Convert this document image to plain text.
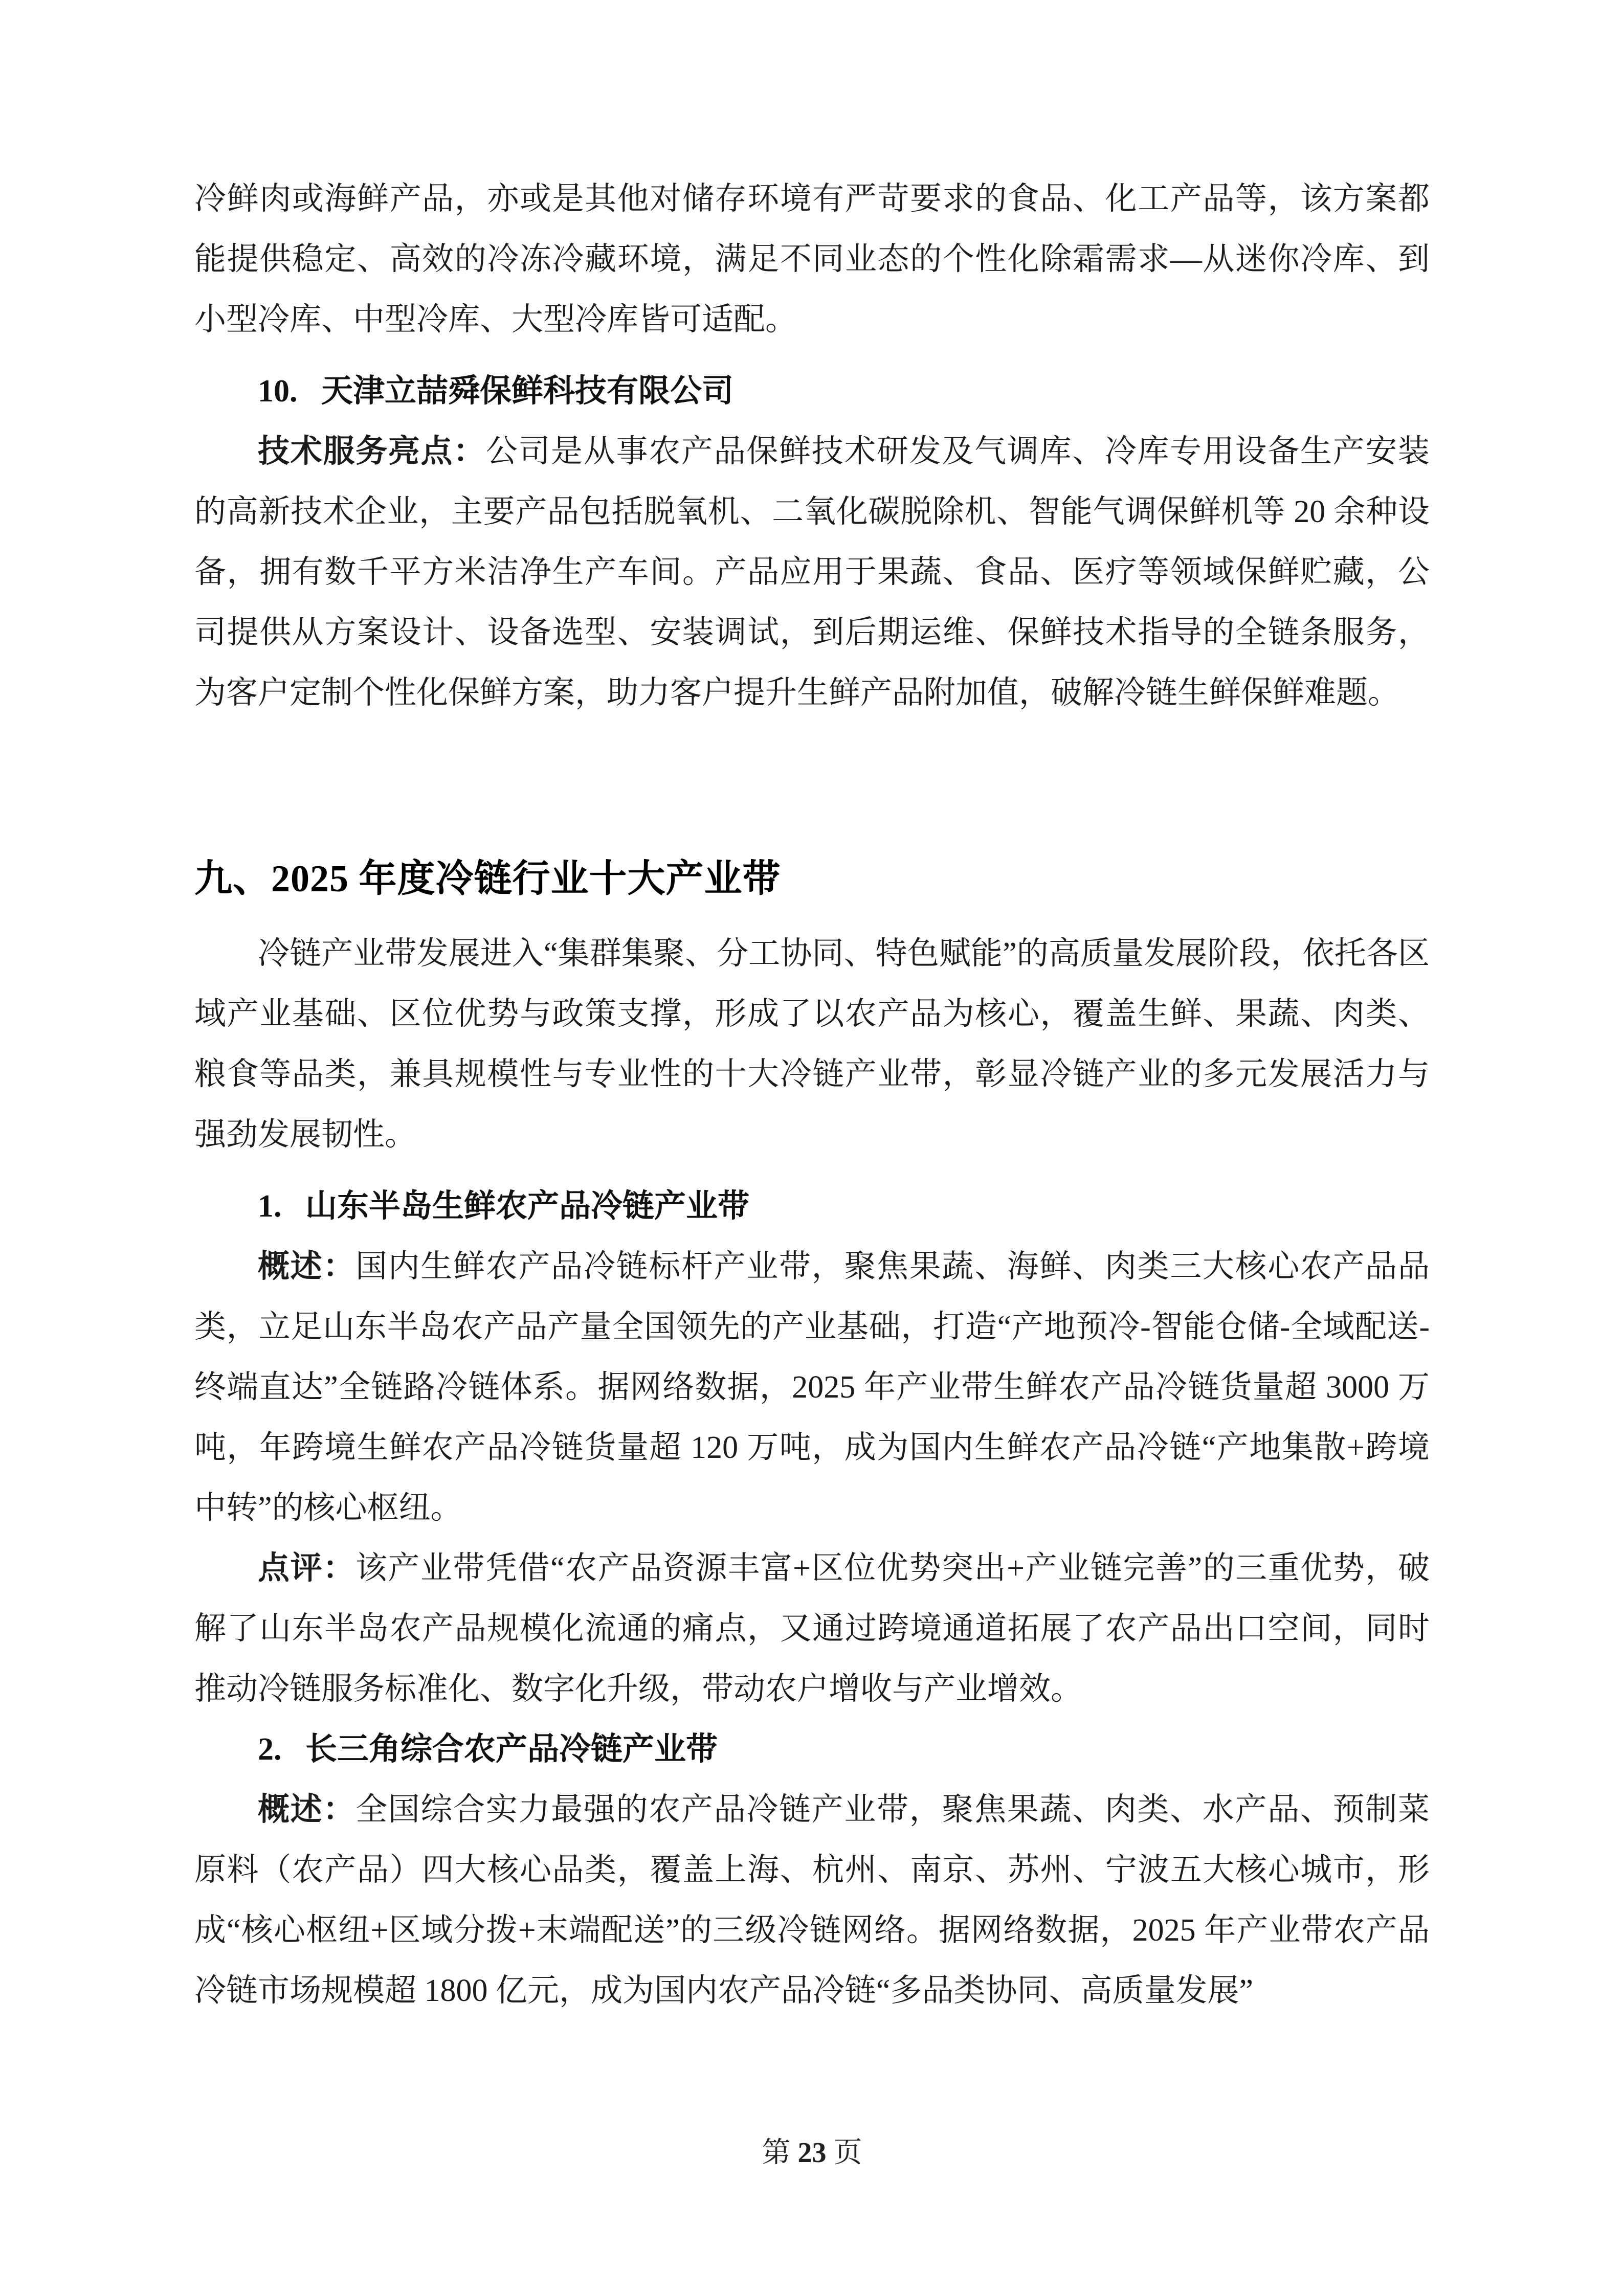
冷鲜肉或海鲜产品，亦或是其他对储存环境有严苛要求的食品、化工产品等，该方案都能提供稳定、高效的冷冻冷藏环境，满足不同业态的个性化除霜需求—从迷你冷库、到小型冷库、中型冷库、大型冷库皆可适配。

10. 天津立喆舜保鲜科技有限公司

技术服务亮点：公司是从事农产品保鲜技术研发及气调库、冷库专用设备生产安装的高新技术企业，主要产品包括脱氧机、二氧化碳脱除机、智能气调保鲜机等 20 余种设备，拥有数千平方米洁净生产车间。产品应用于果蔬、食品、医疗等领域保鲜贮藏，公司提供从方案设计、设备选型、安装调试，到后期运维、保鲜技术指导的全链条服务，为客户定制个性化保鲜方案，助力客户提升生鲜产品附加值，破解冷链生鲜保鲜难题。

九、2025 年度冷链行业十大产业带

冷链产业带发展进入“集群集聚、分工协同、特色赋能”的高质量发展阶段，依托各区域产业基础、区位优势与政策支撑，形成了以农产品为核心，覆盖生鲜、果蔬、肉类、粮食等品类，兼具规模性与专业性的十大冷链产业带，彰显冷链产业的多元发展活力与强劲发展韧性。

1. 山东半岛生鲜农产品冷链产业带

概述：国内生鲜农产品冷链标杆产业带，聚焦果蔬、海鲜、肉类三大核心农产品品类，立足山东半岛农产品产量全国领先的产业基础，打造“产地预冷-智能仓储-全域配送-终端直达”全链路冷链体系。据网络数据，2025 年产业带生鲜农产品冷链货量超 3000 万吨，年跨境生鲜农产品冷链货量超 120 万吨，成为国内生鲜农产品冷链“产地集散+跨境中转”的核心枢纽。

点评：该产业带凭借“农产品资源丰富+区位优势突出+产业链完善”的三重优势，破解了山东半岛农产品规模化流通的痛点，又通过跨境通道拓展了农产品出口空间，同时推动冷链服务标准化、数字化升级，带动农户增收与产业增效。

2. 长三角综合农产品冷链产业带

概述：全国综合实力最强的农产品冷链产业带，聚焦果蔬、肉类、水产品、预制菜原料（农产品）四大核心品类，覆盖上海、杭州、南京、苏州、宁波五大核心城市，形成“核心枢纽+区域分拨+末端配送”的三级冷链网络。据网络数据，2025 年产业带农产品冷链市场规模超 1800 亿元，成为国内农产品冷链“多品类协同、高质量发展”

第 23 页
